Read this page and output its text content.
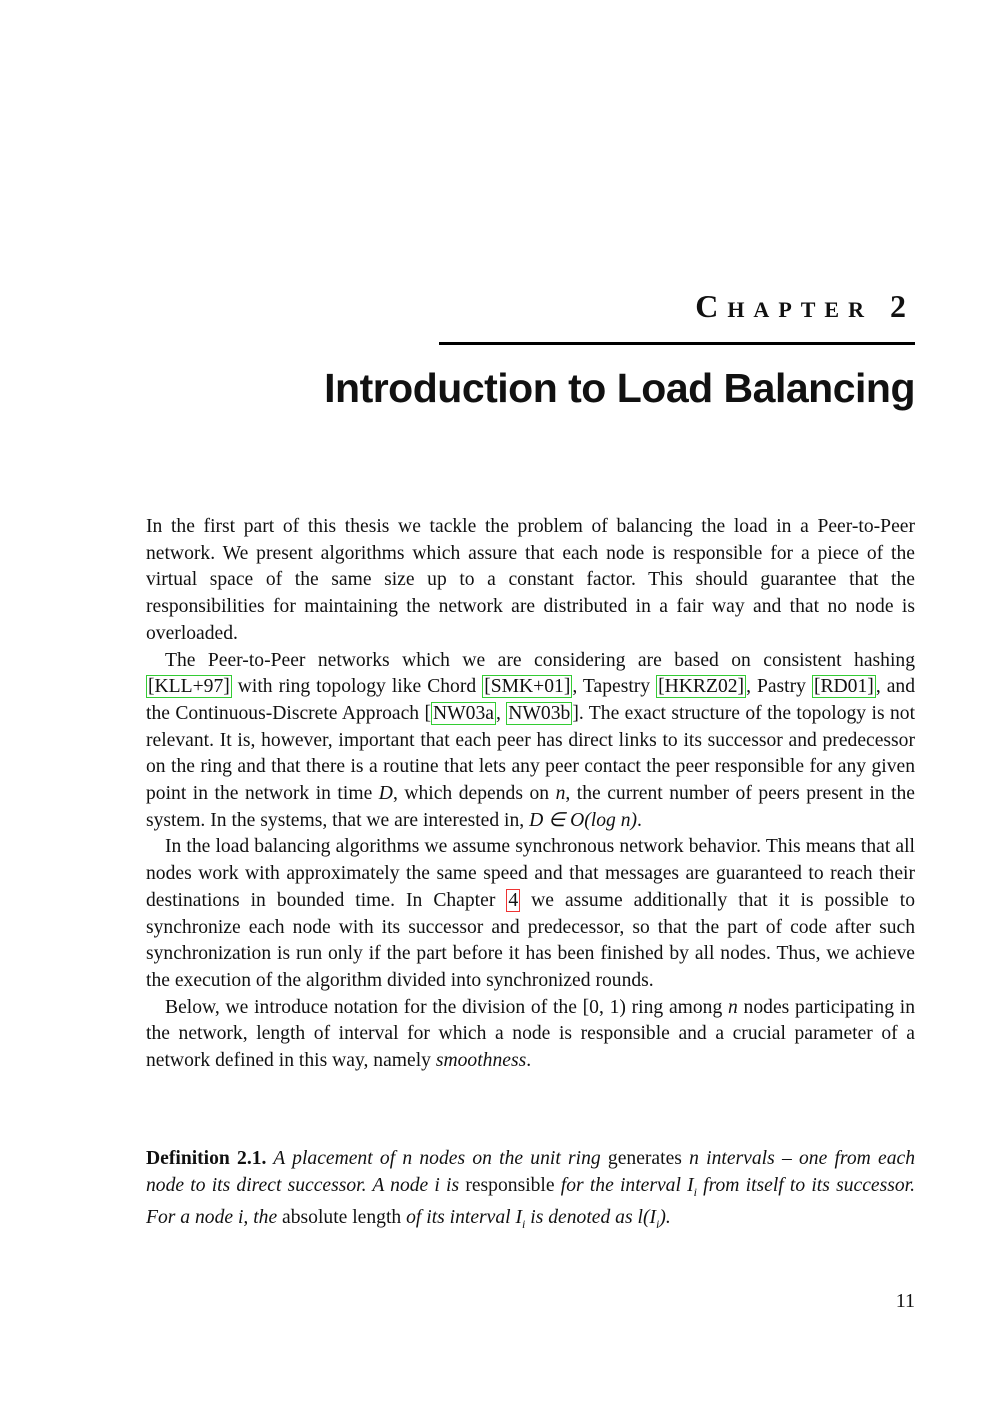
Chapter 2
Introduction to Load Balancing

In the first part of this thesis we tackle the problem of balancing the load in a Peer-to-Peer network. We present algorithms which assure that each node is responsible for a piece of the virtual space of the same size up to a constant factor. This should guarantee that the responsibilities for maintaining the network are distributed in a fair way and that no node is overloaded.

The Peer-to-Peer networks which we are considering are based on consistent hashing [KLL+97] with ring topology like Chord [SMK+01] , Tapestry [HKRZ02] , Pastry [RD01] , and the Continuous-Discrete Approach [ NW03a , NW03b ]. The exact structure of the topology is not relevant. It is, however, important that each peer has direct links to its successor and predecessor on the ring and that there is a routine that lets any peer contact the peer responsible for any given point in the network in time D, which depends on n, the current number of peers present in the system. In the systems, that we are interested in, D ∈ O(log n).

In the load balancing algorithms we assume synchronous network behavior. This means that all nodes work with approximately the same speed and that messages are guaranteed to reach their destinations in bounded time. In Chapter 4 we assume additionally that it is possible to synchronize each node with its successor and predecessor, so that the part of code after such synchronization is run only if the part before it has been finished by all nodes. Thus, we achieve the execution of the algorithm divided into synchronized rounds.

Below, we introduce notation for the division of the [0, 1) ring among n nodes participating in the network, length of interval for which a node is responsible and a crucial parameter of a network defined in this way, namely smoothness.

Definition 2.1. A placement of n nodes on the unit ring generates n intervals – one from each node to its direct successor. A node i is responsible for the interval $I_i$ from itself to its successor. For a node i, the absolute length of its interval $I_i$ is denoted as $l(I_i)$.

11
